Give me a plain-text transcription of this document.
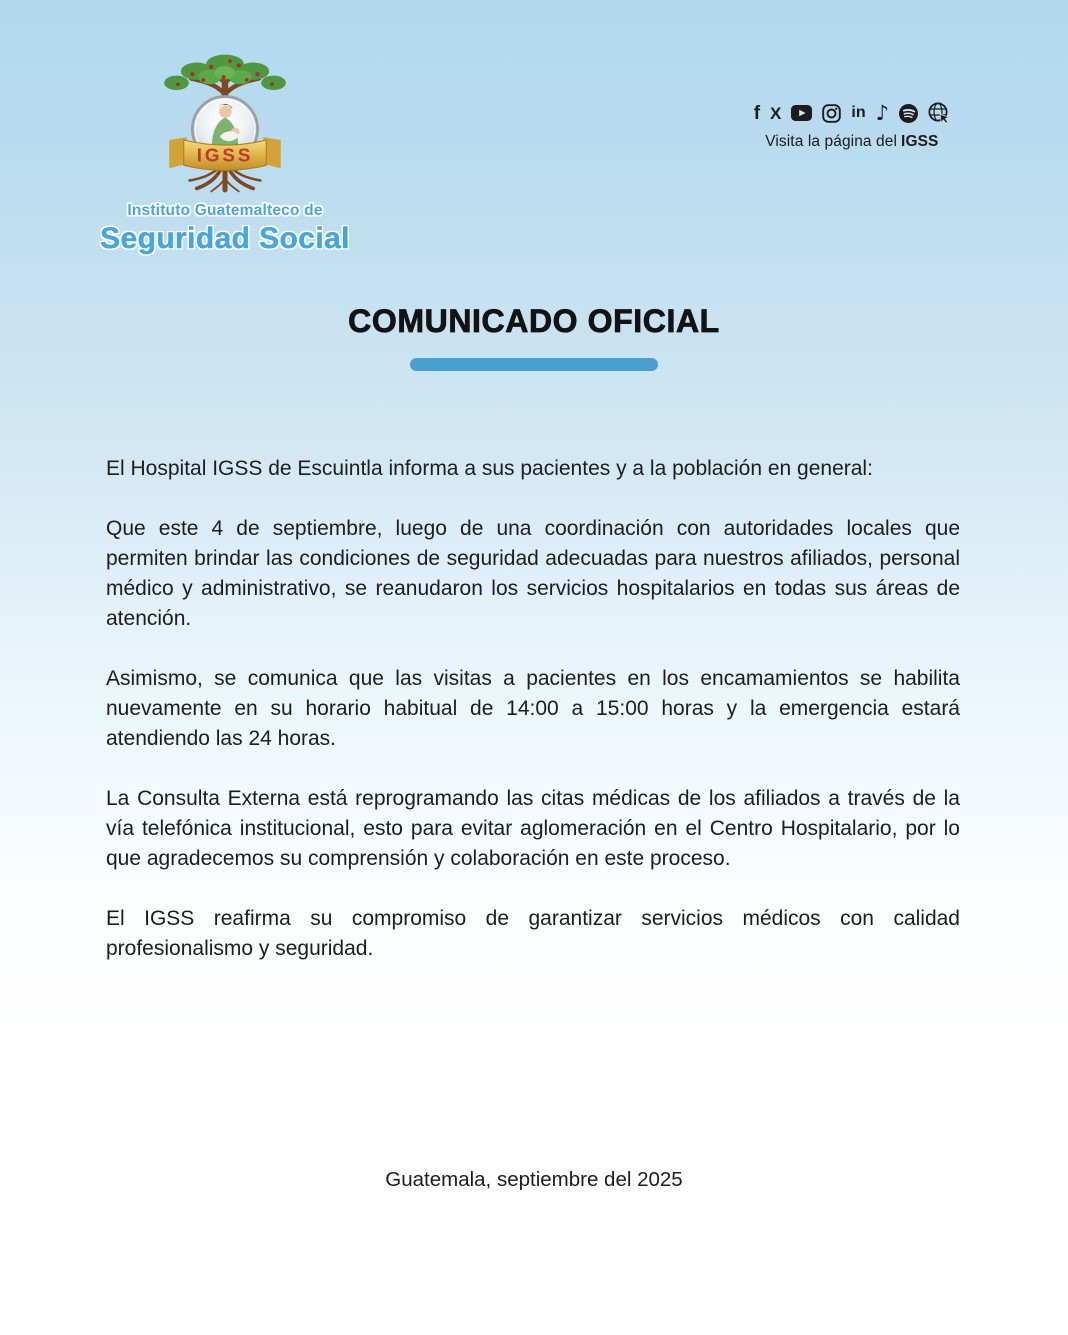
IGSS
Instituto Guatemalteco de
Seguridad Social
f X	in ♪
Visita la página del IGSS
COMUNICADO OFICIAL

El Hospital IGSS de Escuintla informa a sus pacientes y a la población en general:

Que este 4 de septiembre, luego de una coordinación con autoridades locales que permiten brindar las condiciones de seguridad adecuadas para nuestros afiliados, personal médico y administrativo, se reanudaron los servicios hospitalarios en todas sus áreas de atención.

Asimismo, se comunica que las visitas a pacientes en los encamamientos se habilita nuevamente en su horario habitual de 14:00 a 15:00 horas y la emergencia estará atendiendo las 24 horas.

La Consulta Externa está reprogramando las citas médicas de los afiliados a través de la vía telefónica institucional, esto para evitar aglomeración en el Centro Hospitalario, por lo que agradecemos su comprensión y colaboración en este proceso.

El IGSS reafirma su compromiso de garantizar servicios médicos con calidad profesionalismo y seguridad.

Guatemala, septiembre del 2025
